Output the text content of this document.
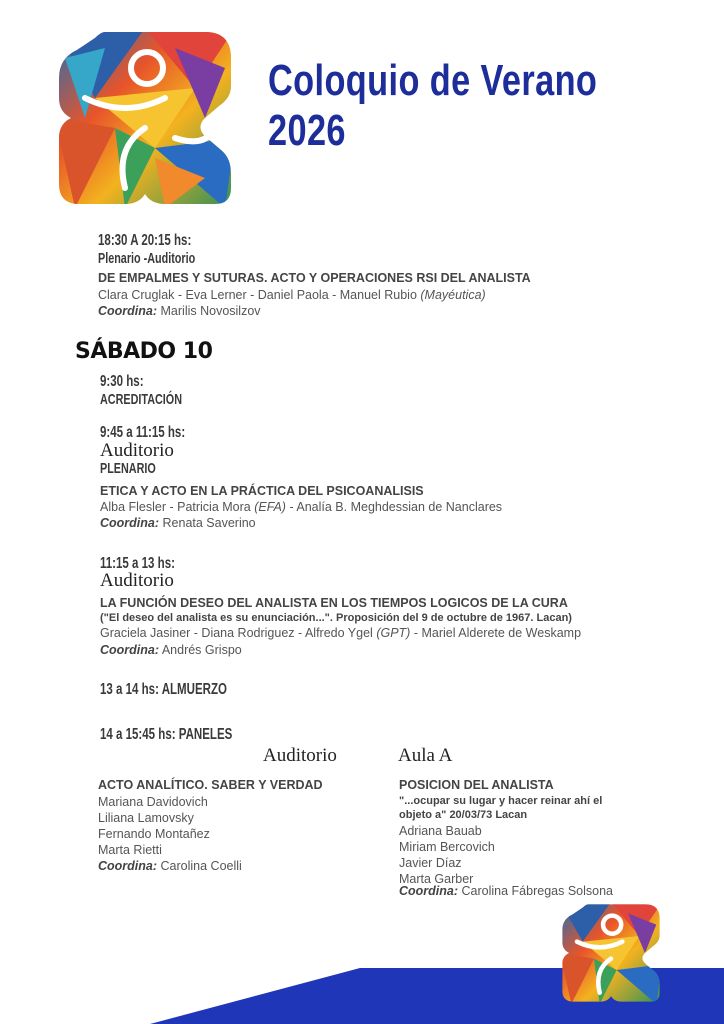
Coloquio de Verano
2026
18:30 A 20:15 hs:
Plenario -Auditorio
DE EMPALMES Y SUTURAS. ACTO Y OPERACIONES RSI DEL ANALISTA
Clara Cruglak - Eva Lerner - Daniel Paola - Manuel Rubio (Mayéutica)
Coordina: Marilis Novosilzov
SÁBADO 10
9:30 hs:
ACREDITACIÓN
9:45 a 11:15 hs:
Auditorio
PLENARIO
ETICA Y ACTO EN LA PRÁCTICA DEL PSICOANALISIS
Alba Flesler - Patricia Mora (EFA) - Analía B. Meghdessian de Nanclares
Coordina: Renata Saverino
11:15 a 13 hs:
Auditorio
LA FUNCIÓN DESEO DEL ANALISTA EN LOS TIEMPOS LOGICOS DE LA CURA
("El deseo del analista es su enunciación...". Proposición del 9 de octubre de 1967. Lacan)
Graciela Jasiner - Diana Rodriguez - Alfredo Ygel (GPT) - Mariel Alderete de Weskamp
Coordina: Andrés Grispo
13 a 14 hs: ALMUERZO
14 a 15:45 hs: PANELES
Auditorio
ACTO ANALÍTICO. SABER Y VERDAD
Mariana Davidovich
Liliana Lamovsky
Fernando Montañez
Marta Rietti
Coordina: Carolina Coelli
Aula A
POSICION DEL ANALISTA
"...ocupar su lugar y hacer reinar ahí el
objeto a" 20/03/73 Lacan
Adriana Bauab
Miriam Bercovich
Javier Díaz
Marta Garber
Coordina: Carolina Fábregas Solsona
